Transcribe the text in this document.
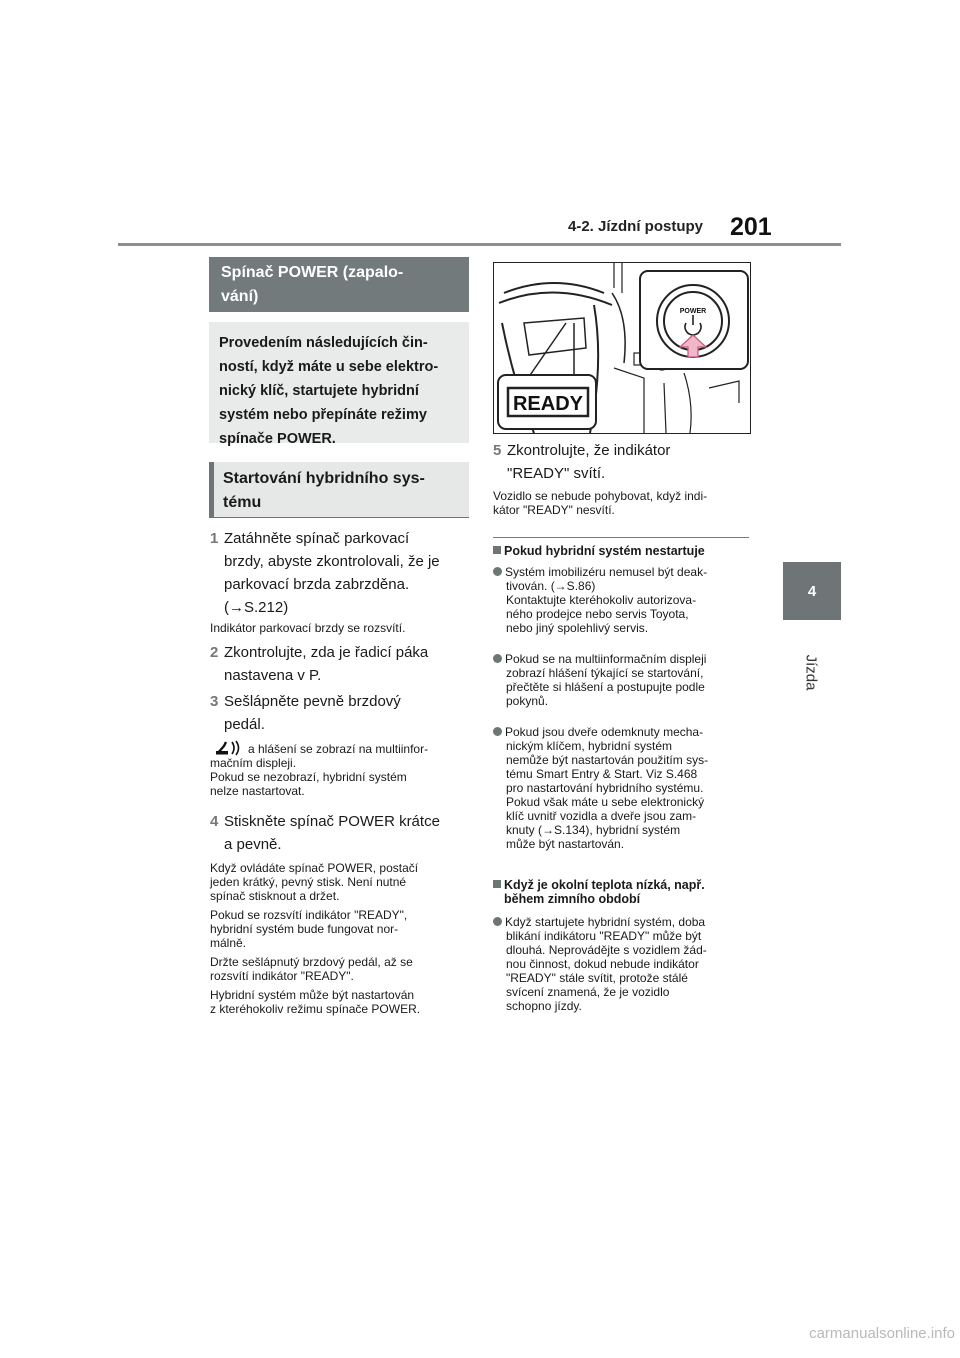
4-2. Jízdní postupy 201
4
Jízda
Spínač POWER (zapalo-
vání)
Provedením následujících čin-
ností, když máte u sebe elektro-
nický klíč, startujete hybridní
systém nebo přepínáte režimy
spínače POWER.
Startování hybridního sys-
tému
1 Zatáhněte spínač parkovací
brzdy, abyste zkontrolovali, že je
parkovací brzda zabrzděna.
(→S.212)
Indikátor parkovací brzdy se rozsvítí.
2 Zkontrolujte, zda je řadicí páka
nastavena v P.
3 Sešlápněte pevně brzdový
pedál.
a hlášení se zobrazí na multiinfor-
mačním displeji.
Pokud se nezobrazí, hybridní systém
nelze nastartovat.
4 Stiskněte spínač POWER krátce
a pevně.
Když ovládáte spínač POWER, postačí
jeden krátký, pevný stisk. Není nutné
spínač stisknout a držet.
Pokud se rozsvítí indikátor "READY",
hybridní systém bude fungovat nor-
málně.
Držte sešlápnutý brzdový pedál, až se
rozsvítí indikátor "READY".
Hybridní systém může být nastartován
z kteréhokoliv režimu spínače POWER.
POWER
READY
5 Zkontrolujte, že indikátor
"READY" svítí.
Vozidlo se nebude pohybovat, když indi-
kátor "READY" nesvítí.
Pokud hybridní systém nestartuje
Systém imobilizéru nemusel být deak-
tivován. (→S.86)
Kontaktujte kteréhokoliv autorizova-
ného prodejce nebo servis Toyota,
nebo jiný spolehlivý servis.
Pokud se na multiinformačním displeji
zobrazí hlášení týkající se startování,
přečtěte si hlášení a postupujte podle
pokynů.
Pokud jsou dveře odemknuty mecha-
nickým klíčem, hybridní systém
nemůže být nastartován použitím sys-
tému Smart Entry & Start. Viz S.468
pro nastartování hybridního systému.
Pokud však máte u sebe elektronický
klíč uvnitř vozidla a dveře jsou zam-
knuty (→S.134), hybridní systém
může být nastartován.
Když je okolní teplota nízká, např.
během zimního období
Když startujete hybridní systém, doba
blikání indikátoru "READY" může být
dlouhá. Neprovádějte s vozidlem žád-
nou činnost, dokud nebude indikátor
"READY" stále svítit, protože stálé
svícení znamená, že je vozidlo
schopno jízdy.
carmanualsonline.info
